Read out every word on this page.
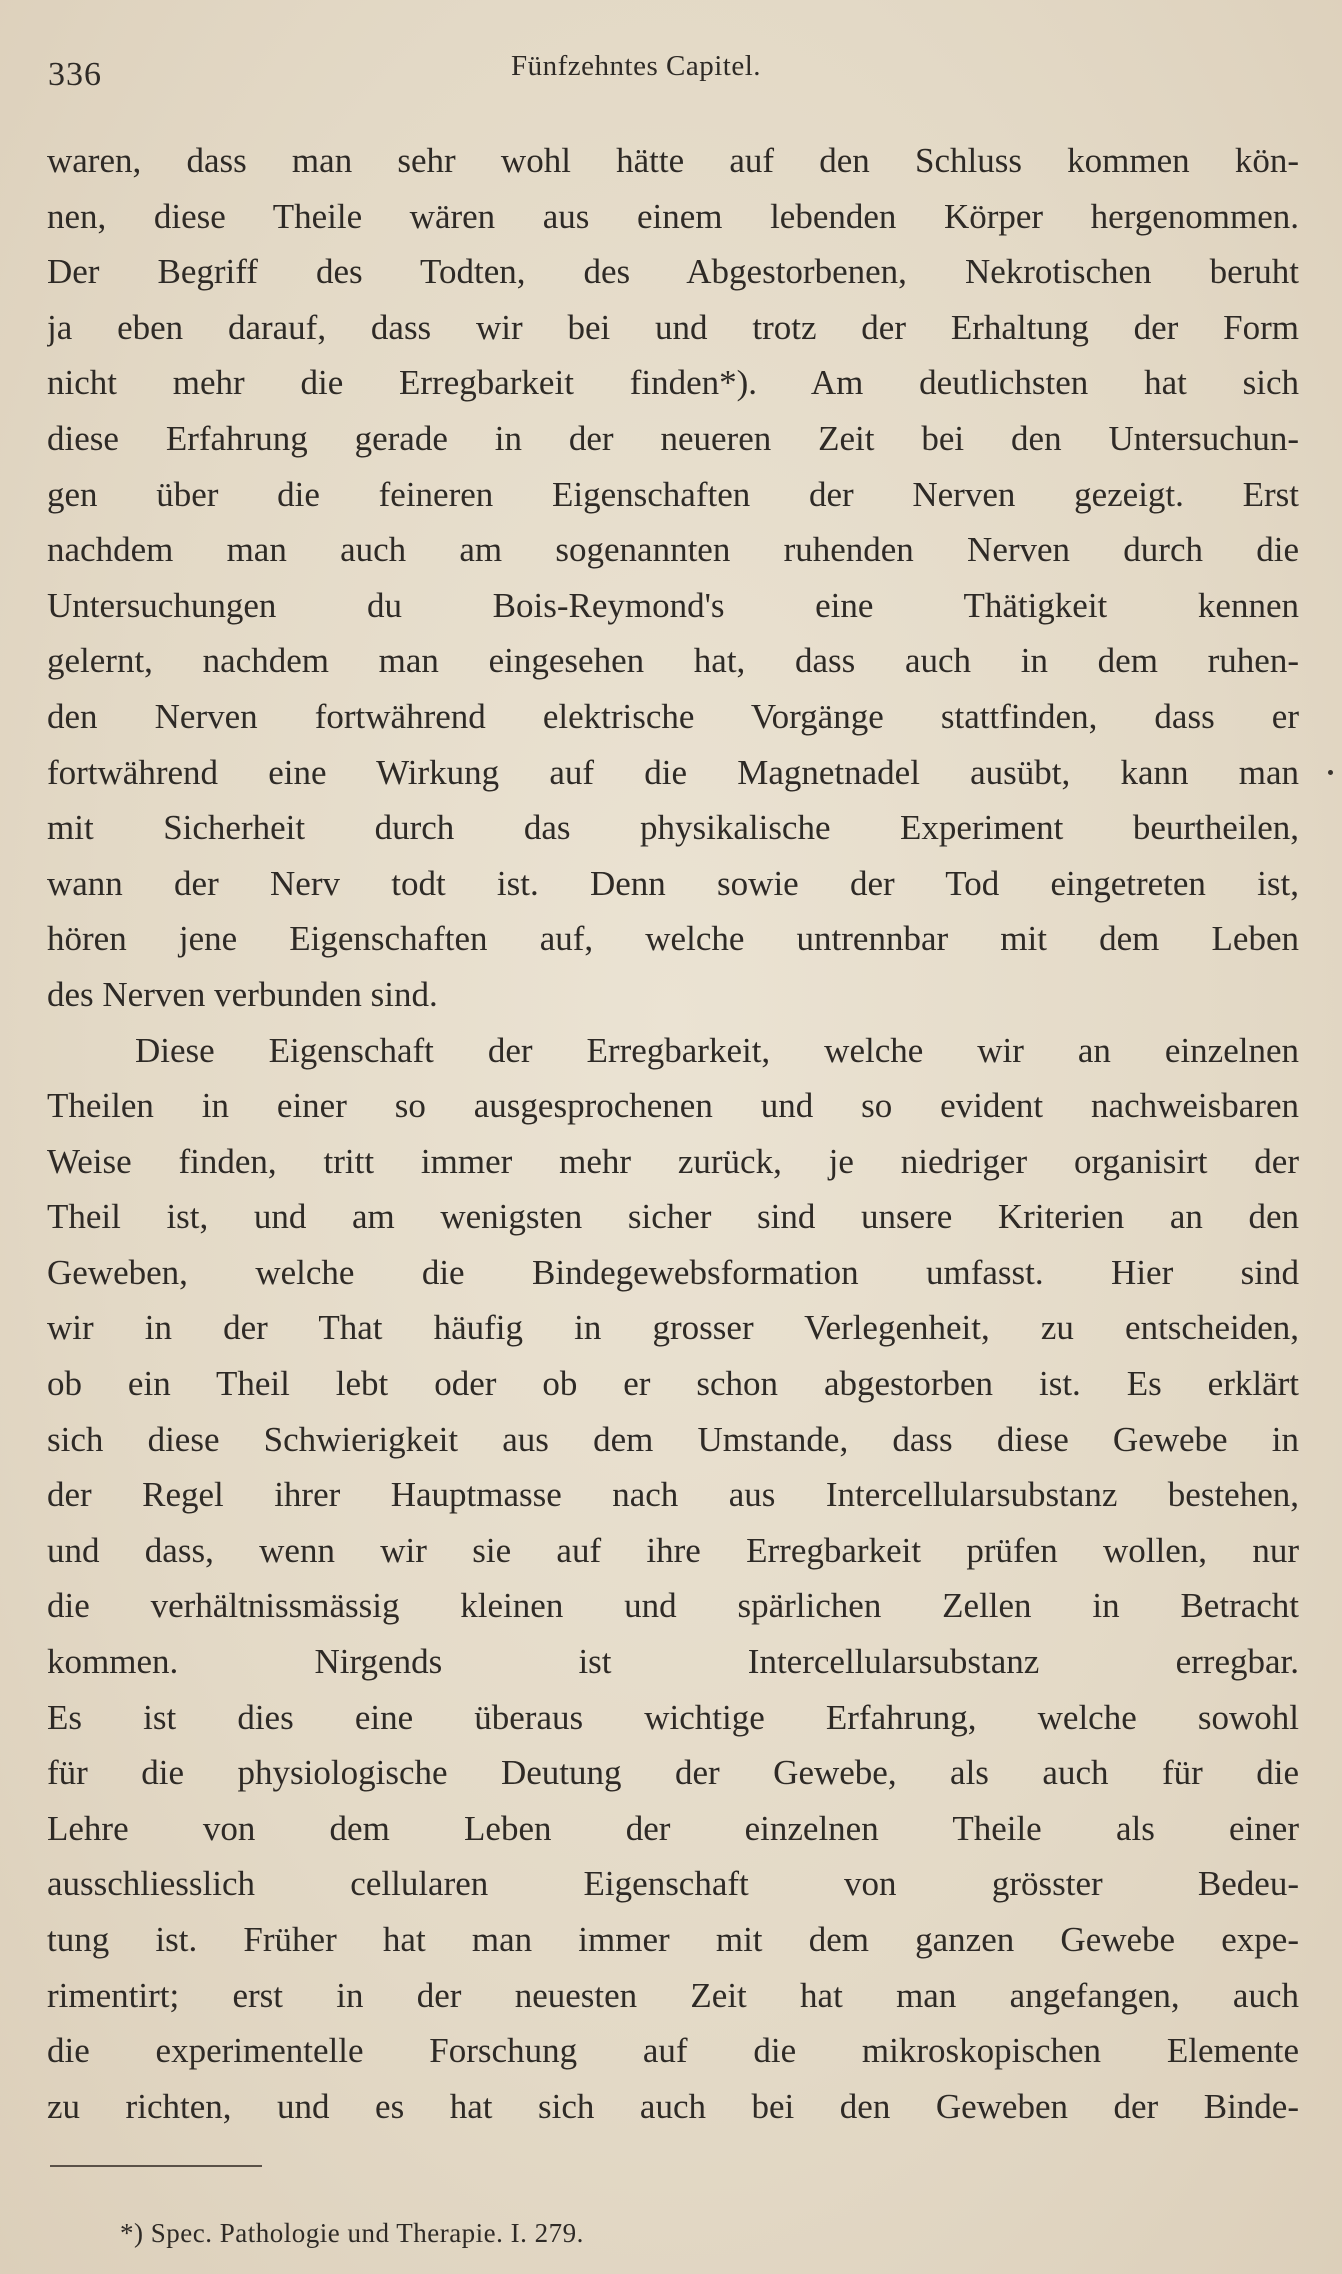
336	Fünfzehntes Capitel.
waren, dass man sehr wohl hätte auf den Schluss kommen kön-
nen, diese Theile wären aus einem lebenden Körper hergenommen.
Der Begriff des Todten, des Abgestorbenen, Nekrotischen beruht
ja eben darauf, dass wir bei und trotz der Erhaltung der Form
nicht mehr die Erregbarkeit finden*). Am deutlichsten hat sich
diese Erfahrung gerade in der neueren Zeit bei den Untersuchun-
gen über die feineren Eigenschaften der Nerven gezeigt. Erst
nachdem man auch am sogenannten ruhenden Nerven durch die
Untersuchungen du Bois-Reymond's eine Thätigkeit kennen
gelernt, nachdem man eingesehen hat, dass auch in dem ruhen-
den Nerven fortwährend elektrische Vorgänge stattfinden, dass er
fortwährend eine Wirkung auf die Magnetnadel ausübt, kann man
mit Sicherheit durch das physikalische Experiment beurtheilen,
wann der Nerv todt ist. Denn sowie der Tod eingetreten ist,
hören jene Eigenschaften auf, welche untrennbar mit dem Leben
des Nerven verbunden sind.
Diese Eigenschaft der Erregbarkeit, welche wir an einzelnen
Theilen in einer so ausgesprochenen und so evident nachweisbaren
Weise finden, tritt immer mehr zurück, je niedriger organisirt der
Theil ist, und am wenigsten sicher sind unsere Kriterien an den
Geweben, welche die Bindegewebsformation umfasst. Hier sind
wir in der That häufig in grosser Verlegenheit, zu entscheiden,
ob ein Theil lebt oder ob er schon abgestorben ist. Es erklärt
sich diese Schwierigkeit aus dem Umstande, dass diese Gewebe in
der Regel ihrer Hauptmasse nach aus Intercellularsubstanz bestehen,
und dass, wenn wir sie auf ihre Erregbarkeit prüfen wollen, nur
die verhältnissmässig kleinen und spärlichen Zellen in Betracht
kommen. Nirgends ist Intercellularsubstanz erregbar.
Es ist dies eine überaus wichtige Erfahrung, welche sowohl
für die physiologische Deutung der Gewebe, als auch für die
Lehre von dem Leben der einzelnen Theile als einer
ausschliesslich cellularen Eigenschaft von grösster Bedeu-
tung ist. Früher hat man immer mit dem ganzen Gewebe expe-
rimentirt; erst in der neuesten Zeit hat man angefangen, auch
die experimentelle Forschung auf die mikroskopischen Elemente
zu richten, und es hat sich auch bei den Geweben der Binde-
*) Spec. Pathologie und Therapie. I. 279.
